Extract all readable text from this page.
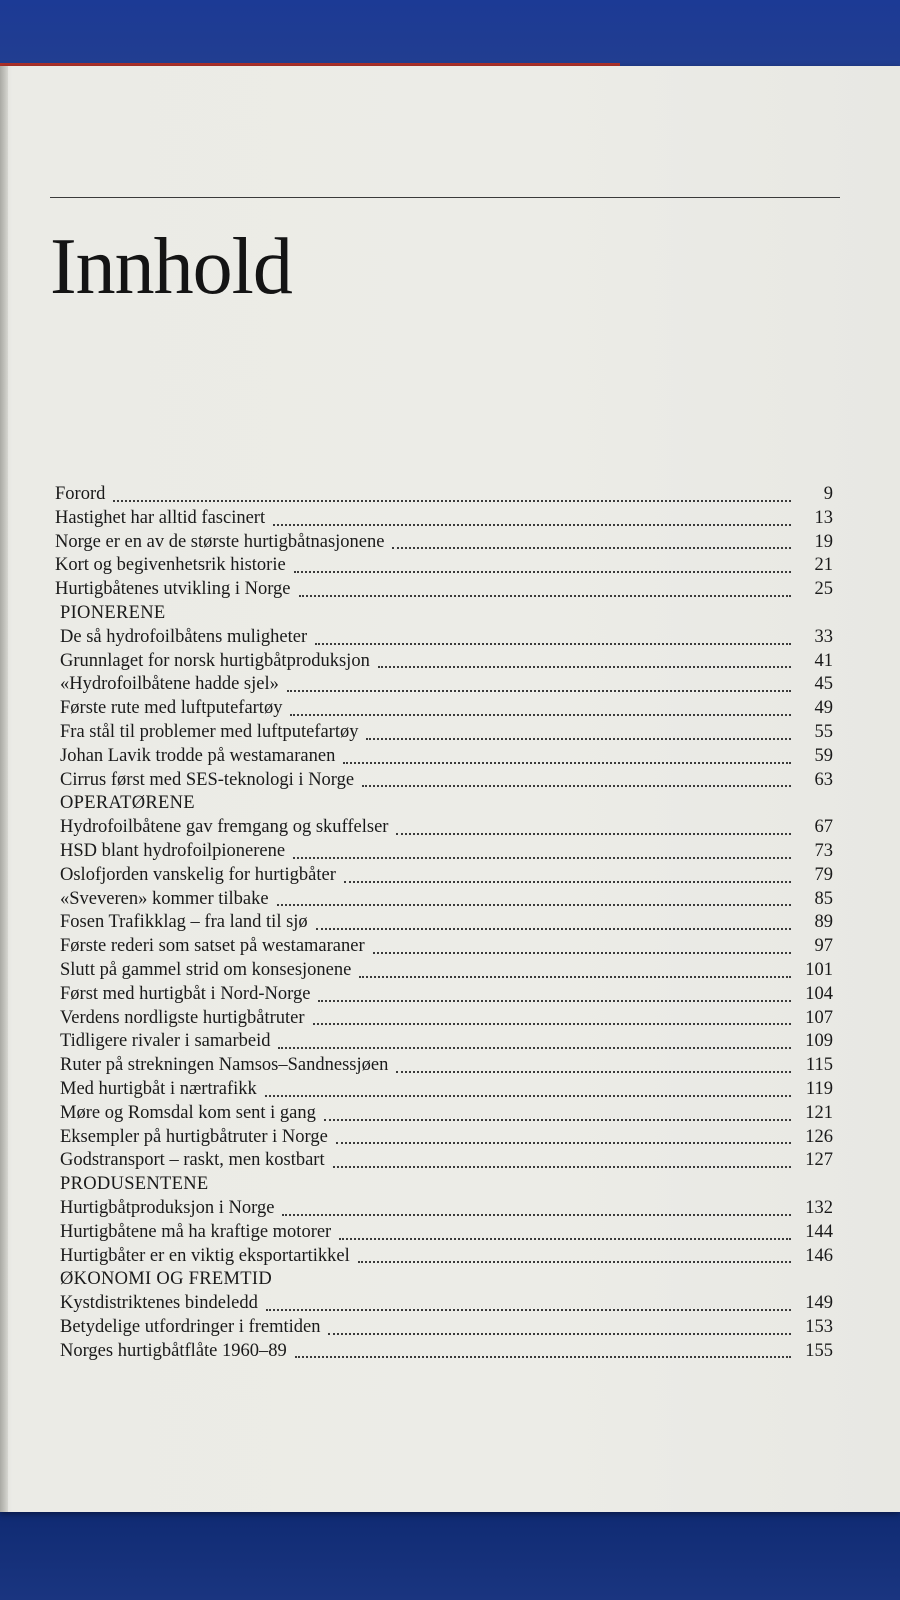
Innhold
Forord	9
Hastighet har alltid fascinert	13
Norge er en av de største hurtigbåtnasjonene	19
Kort og begivenhetsrik historie	21
Hurtigbåtenes utvikling i Norge	25
PIONERENE
De så hydrofoilbåtens muligheter	33
Grunnlaget for norsk hurtigbåtproduksjon	41
«Hydrofoilbåtene hadde sjel»	45
Første rute med luftputefartøy	49
Fra stål til problemer med luftputefartøy	55
Johan Lavik trodde på westamaranen	59
Cirrus først med SES-teknologi i Norge	63
OPERATØRENE
Hydrofoilbåtene gav fremgang og skuffelser	67
HSD blant hydrofoilpionerene	73
Oslofjorden vanskelig for hurtigbåter	79
«Sveveren» kommer tilbake	85
Fosen Trafikklag – fra land til sjø	89
Første rederi som satset på westamaraner	97
Slutt på gammel strid om konsesjonene	101
Først med hurtigbåt i Nord-Norge	104
Verdens nordligste hurtigbåtruter	107
Tidligere rivaler i samarbeid	109
Ruter på strekningen Namsos–Sandnessjøen	115
Med hurtigbåt i nærtrafikk	119
Møre og Romsdal kom sent i gang	121
Eksempler på hurtigbåtruter i Norge	126
Godstransport – raskt, men kostbart	127
PRODUSENTENE
Hurtigbåtproduksjon i Norge	132
Hurtigbåtene må ha kraftige motorer	144
Hurtigbåter er en viktig eksportartikkel	146
ØKONOMI OG FREMTID
Kystdistriktenes bindeledd	149
Betydelige utfordringer i fremtiden	153
Norges hurtigbåtflåte 1960–89	155
